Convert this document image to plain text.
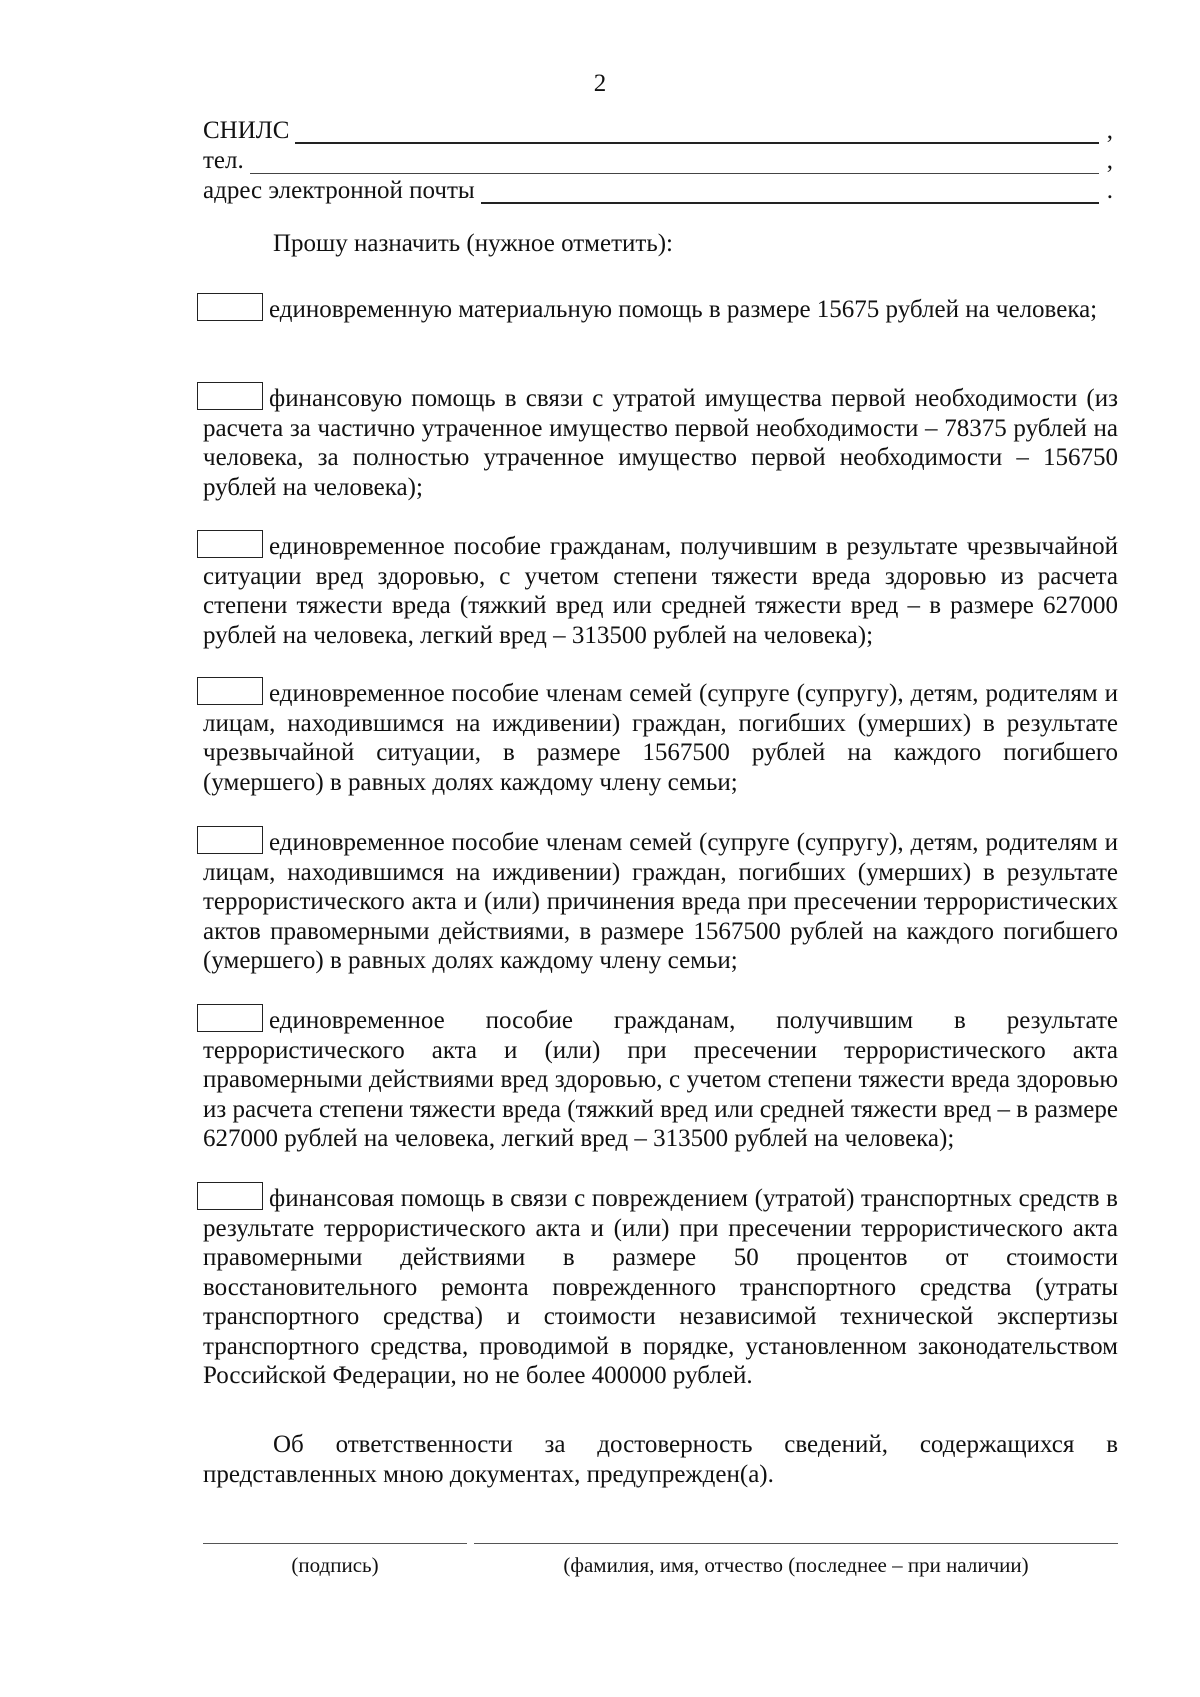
2
СНИЛС	,
тел.	,
адрес электронной почты	.
Прошу назначить (нужное отметить):
единовременную материальную помощь в размере 15675 рублей на человека;
финансовую помощь в связи с утратой имущества первой необходимости (из расчета за частично утраченное имущество первой необходимости – 78375 рублей на человека, за полностью утраченное имущество первой необходимости – 156750 рублей на человека);
единовременное пособие гражданам, получившим в результате чрезвычайной ситуации вред здоровью, с учетом степени тяжести вреда здоровью из расчета степени тяжести вреда (тяжкий вред или средней тяжести вред – в размере 627000 рублей на человека, легкий вред – 313500 рублей на человека);
единовременное пособие членам семей (супруге (супругу), детям, родителям и лицам, находившимся на иждивении) граждан, погибших (умерших) в результате чрезвычайной ситуации, в размере 1567500 рублей на каждого погибшего (умершего) в равных долях каждому члену семьи;
единовременное пособие членам семей (супруге (супругу), детям, родителям и лицам, находившимся на иждивении) граждан, погибших (умерших) в результате террористического акта и (или) причинения вреда при пресечении террористических актов правомерными действиями, в размере 1567500 рублей на каждого погибшего (умершего) в равных долях каждому члену семьи;
единовременное пособие гражданам, получившим в результате террористического акта и (или) при пресечении террористического акта правомерными действиями вред здоровью, с учетом степени тяжести вреда здоровью из расчета степени тяжести вреда (тяжкий вред или средней тяжести вред – в размере 627000 рублей на человека, легкий вред – 313500 рублей на человека);
финансовая помощь в связи с повреждением (утратой) транспортных средств в результате террористического акта и (или) при пресечении террористического акта правомерными действиями в размере 50 процентов от стоимости восстановительного ремонта поврежденного транспортного средства (утраты транспортного средства) и стоимости независимой технической экспертизы транспортного средства, проводимой в порядке, установленном законодательством Российской Федерации, но не более 400000 рублей.
Об ответственности за достоверность сведений, содержащихся в представленных мною документах, предупрежден(а).
(подпись)	(фамилия, имя, отчество (последнее – при наличии)
